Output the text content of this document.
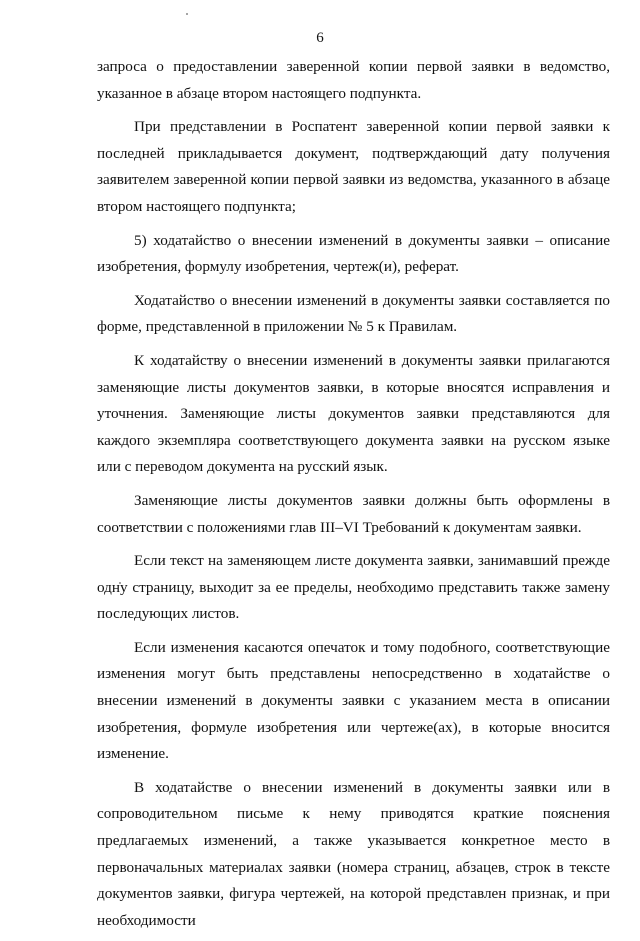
6

запроса о предоставлении заверенной копии первой заявки в ведомство, указанное в абзаце втором настоящего подпункта.

При представлении в Роспатент заверенной копии первой заявки к последней прикладывается документ, подтверждающий дату получения заявителем заверенной копии первой заявки из ведомства, указанного в абзаце втором настоящего подпункта;

5) ходатайство о внесении изменений в документы заявки – описание изобретения, формулу изобретения, чертеж(и), реферат.

Ходатайство о внесении изменений в документы заявки составляется по форме, представленной в приложении № 5 к Правилам.

К ходатайству о внесении изменений в документы заявки прилагаются заменяющие листы документов заявки, в которые вносятся исправления и уточнения. Заменяющие листы документов заявки представляются для каждого экземпляра соответствующего документа заявки на русском языке или с переводом документа на русский язык.

Заменяющие листы документов заявки должны быть оформлены в соответствии с положениями глав III–VI Требований к документам заявки.

Если текст на заменяющем листе документа заявки, занимавший прежде одну страницу, выходит за ее пределы, необходимо представить также замену последующих листов.

Если изменения касаются опечаток и тому подобного, соответствующие изменения могут быть представлены непосредственно в ходатайстве о внесении изменений в документы заявки с указанием места в описании изобретения, формуле изобретения или чертеже(ах), в которые вносится изменение.

В ходатайстве о внесении изменений в документы заявки или в сопроводительном письме к нему приводятся краткие пояснения предлагаемых изменений, а также указывается конкретное место в первоначальных материалах заявки (номера страниц, абзацев, строк в тексте документов заявки, фигура чертежей, на которой представлен признак, и при необходимости
